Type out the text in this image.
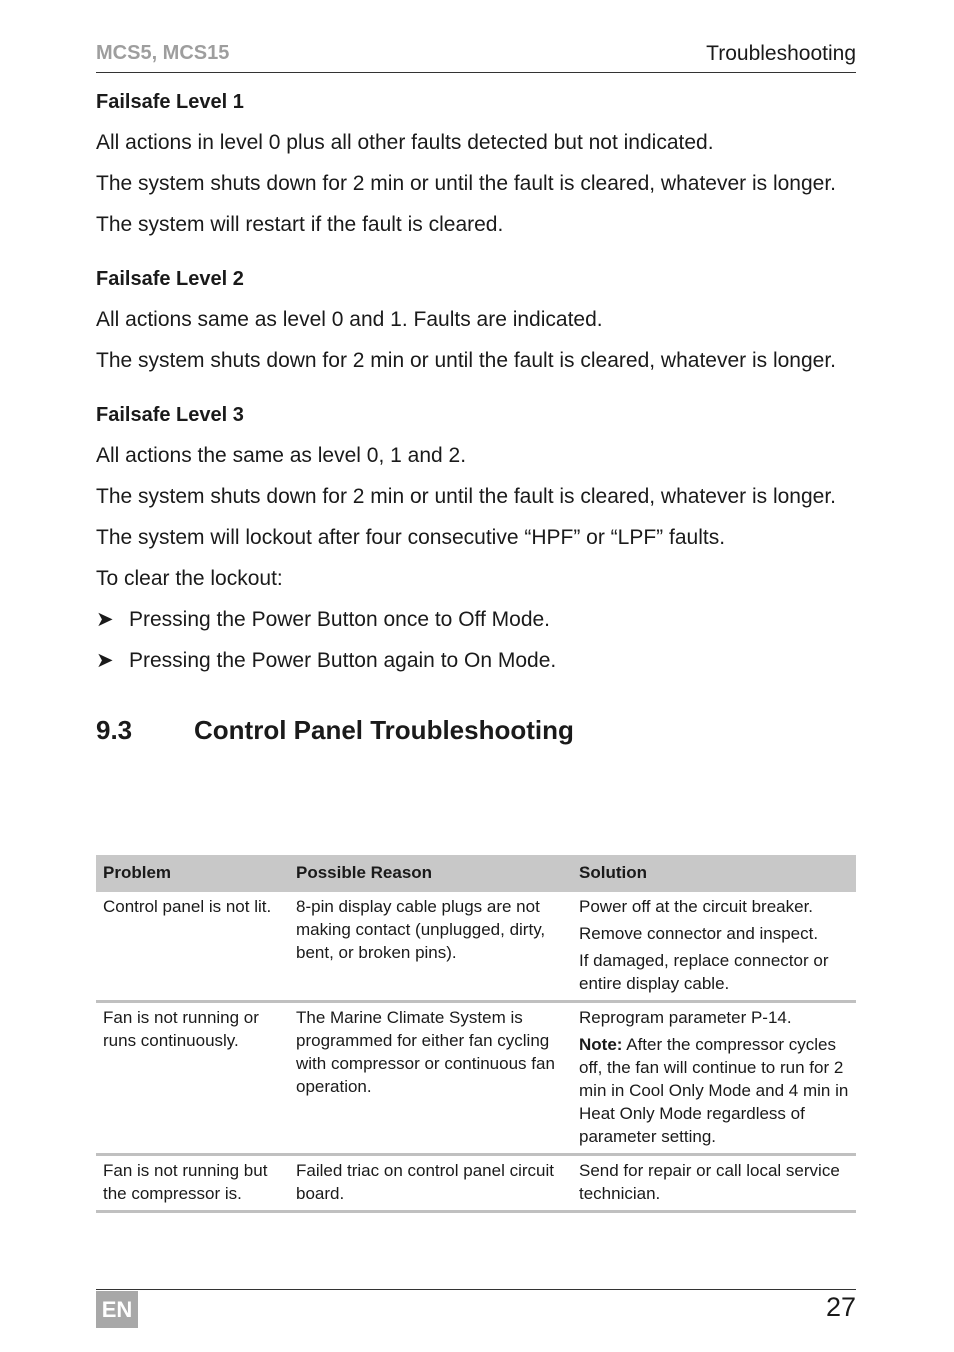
MCS5, MCS15	Troubleshooting
Failsafe Level 1

All actions in level 0 plus all other faults detected but not indicated.

The system shuts down for 2 min or until the fault is cleared, whatever is longer.

The system will restart if the fault is cleared.

Failsafe Level 2

All actions same as level 0 and 1. Faults are indicated.

The system shuts down for 2 min or until the fault is cleared, whatever is longer.

Failsafe Level 3

All actions the same as level 0, 1 and 2.

The system shuts down for 2 min or until the fault is cleared, whatever is longer.

The system will lockout after four consecutive “HPF” or “LPF” faults.

To clear the lockout:

➤ Pressing the Power Button once to Off Mode.
➤ Pressing the Power Button again to On Mode.
9.3	Control Panel Troubleshooting
Problem	Possible Reason	Solution
Control panel is not lit.	8-pin display cable plugs are not making contact (unplugged, dirty, bent, or broken pins).	Power off at the circuit breaker.

Remove connector and inspect.

If damaged, replace connector or entire display cable.

Fan is not running or runs continuously.	The Marine Climate System is programmed for either fan cycling with compressor or continuous fan operation.	Reprogram parameter P-14.

Note: After the compressor cycles off, the fan will continue to run for 2 min in Cool Only Mode and 4 min in Heat Only Mode regardless of parameter setting.

Fan is not running but the compressor is.	Failed triac on control panel circuit board.	Send for repair or call local service technician.

EN	27
